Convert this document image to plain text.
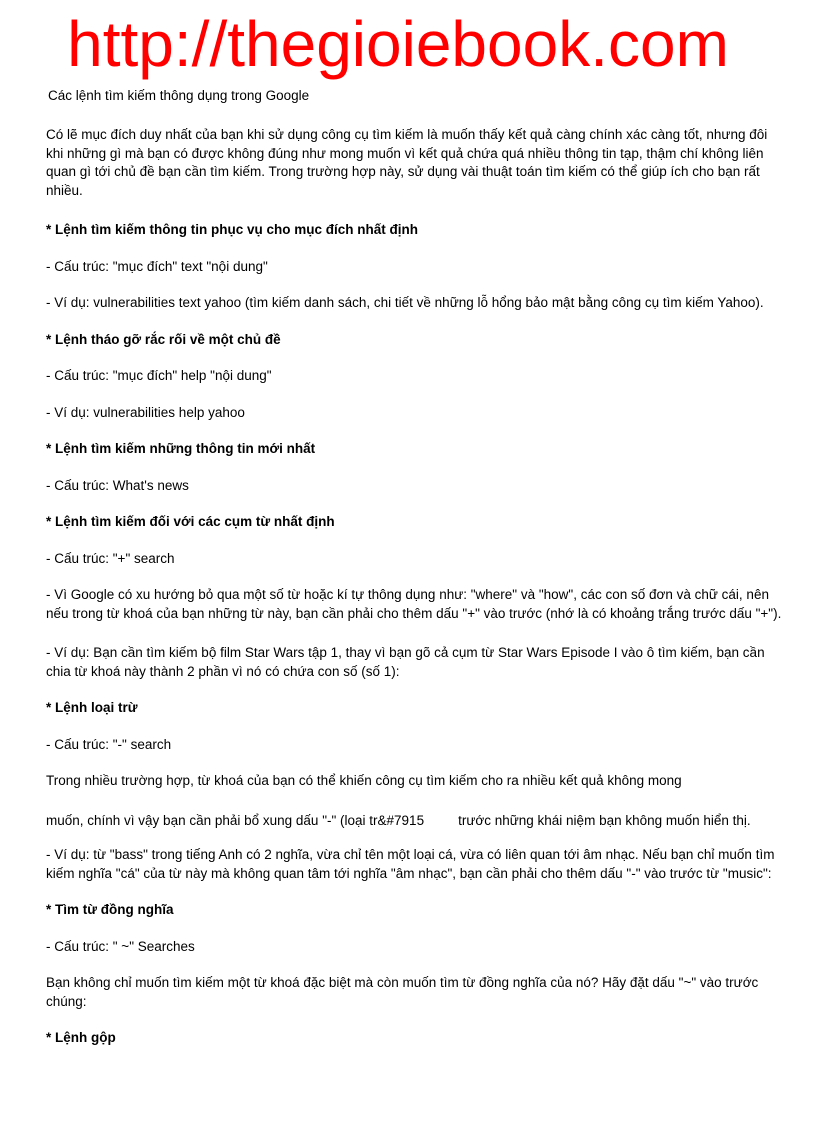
http://thegioiebook.com
Các lệnh tìm kiếm thông dụng trong Google

Có lẽ mục đích duy nhất của bạn khi sử dụng công cụ tìm kiếm là muốn thấy kết quả càng chính xác càng tốt, nhưng đôi khi những gì mà bạn có được không đúng như mong muốn vì kết quả chứa quá nhiều thông tin tạp, thậm chí không liên quan gì tới chủ đề bạn cần tìm kiếm. Trong trường hợp này, sử dụng vài thuật toán tìm kiếm có thể giúp ích cho bạn rất nhiều.

* Lệnh tìm kiếm thông tin phục vụ cho mục đích nhất định

- Cấu trúc: "mục đích" text "nội dung"

- Ví dụ: vulnerabilities text yahoo (tìm kiếm danh sách, chi tiết về những lỗ hổng bảo mật bằng công cụ tìm kiếm Yahoo).

* Lệnh tháo gỡ rắc rối về một chủ đề

- Cấu trúc: "mục đích" help "nội dung"

- Ví dụ: vulnerabilities help yahoo

* Lệnh tìm kiếm những thông tin mới nhất

- Cấu trúc: What's news

* Lệnh tìm kiếm đối với các cụm từ nhất định

- Cấu trúc: "+" search

- Vì Google có xu hướng bỏ qua một số từ hoặc kí tự thông dụng như: "where" và "how", các con số đơn và chữ cái, nên nếu trong từ khoá của bạn những từ này, bạn cần phải cho thêm dấu "+" vào trước (nhớ là có khoảng trắng trước dấu "+").

- Ví dụ: Bạn cần tìm kiếm bộ film Star Wars tập 1, thay vì bạn gõ cả cụm từ Star Wars Episode I vào ô tìm kiếm, bạn cần chia từ khoá này thành 2 phần vì nó có chứa con số (số 1):

* Lệnh loại trừ

- Cấu trúc: "-" search

Trong nhiều trường hợp, từ khoá của bạn có thể khiến công cụ tìm kiếm cho ra nhiều kết quả không mong

muốn, chính vì vậy bạn cần phải bổ xung dấu "-" (loại tr&#7915	trước những khái niệm bạn không muốn hiển thị.

- Ví dụ: từ "bass" trong tiếng Anh có 2 nghĩa, vừa chỉ tên một loại cá, vừa có liên quan tới âm nhạc. Nếu bạn chỉ muốn tìm kiếm nghĩa "cá" của từ này mà không quan tâm tới nghĩa "âm nhạc", bạn cần phải cho thêm dấu "-" vào trước từ "music":

* Tìm từ đồng nghĩa

- Cấu trúc: " ~" Searches

Bạn không chỉ muốn tìm kiếm một từ khoá đặc biệt mà còn muốn tìm từ đồng nghĩa của nó? Hãy đặt dấu "~" vào trước chúng:

* Lệnh gộp
